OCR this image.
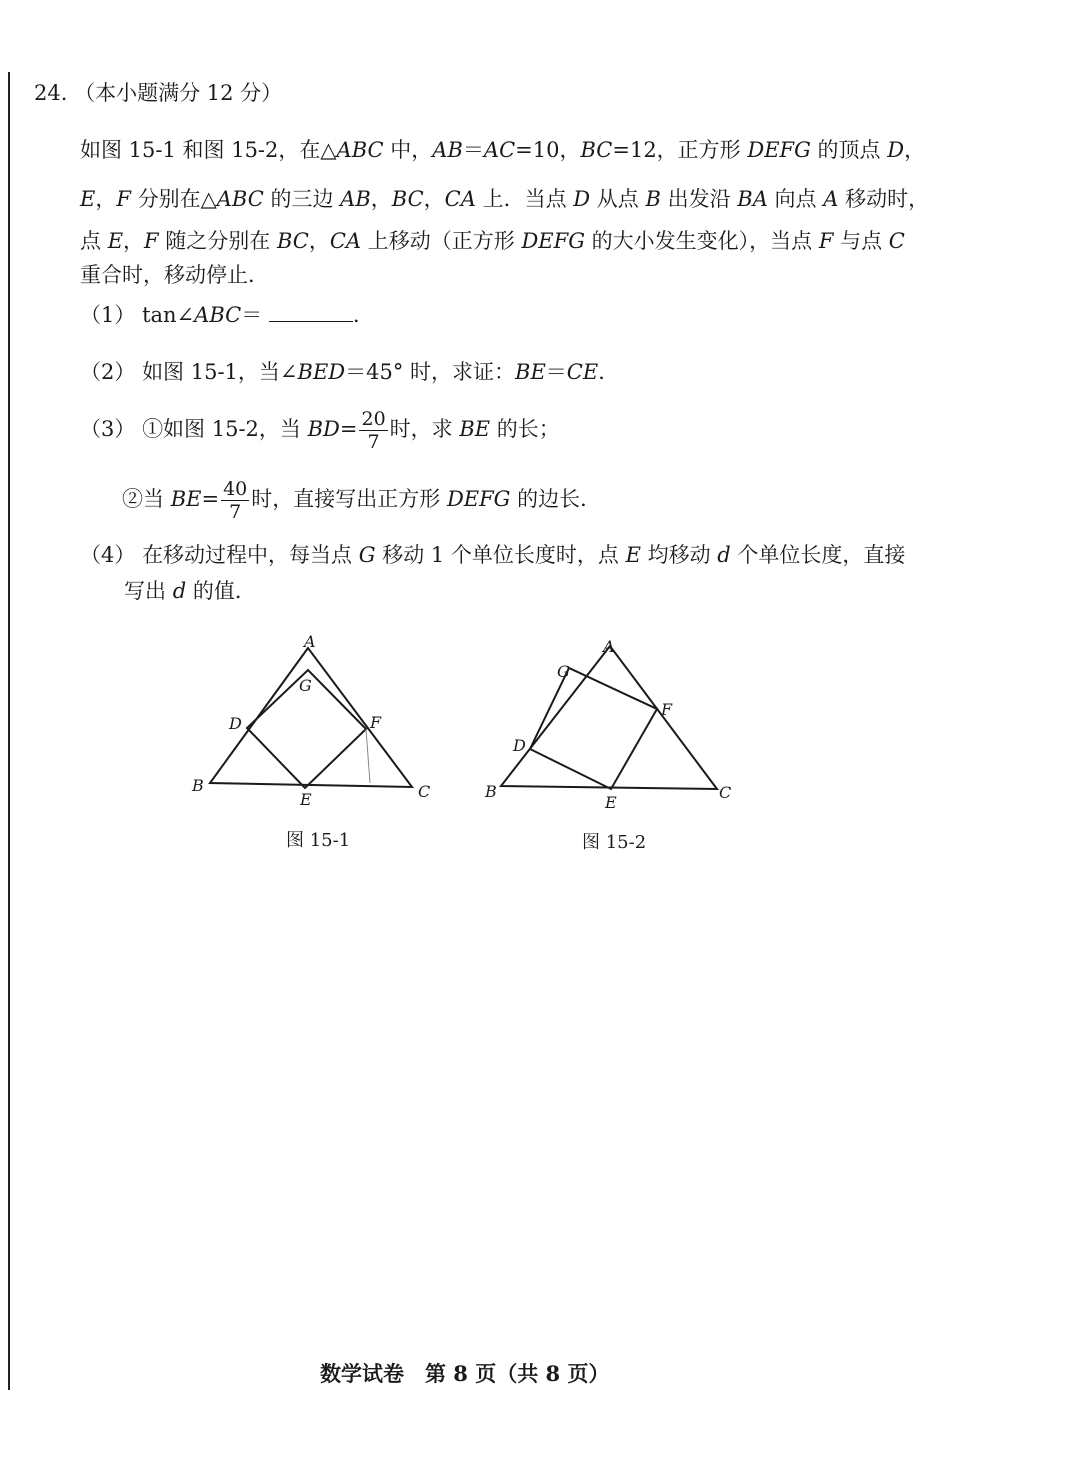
24. （本小题满分 12 分）
如图 15-1 和图 15-2，在△ABC 中，AB＝AC=10，BC=12，正方形 DEFG 的顶点 D，
E，F 分别在△ABC 的三边 AB，BC，CA 上．当点 D 从点 B 出发沿 BA 向点 A 移动时，
点 E，F 随之分别在 BC，CA 上移动（正方形 DEFG 的大小发生变化），当点 F 与点 C
重合时，移动停止．
（1） tan∠ABC＝	.
（2） 如图 15-1，当∠BED＝45° 时，求证：BE＝CE．
（3） ①如图 15-2，当 $BD= \frac{20}{7}$ 时，求 BE 的长；
②当 $BE= \frac{40}{7}$ 时，直接写出正方形 DEFG 的边长．
（4） 在移动过程中，每当点 G 移动 1 个单位长度时，点 E 均移动 d 个单位长度，直接
写出 d 的值．
A
B	C
D
E
F
G
图 15-1
A
B	C
D
E
F
G
图 15-2
数学试卷　第 8 页（共 8 页）
